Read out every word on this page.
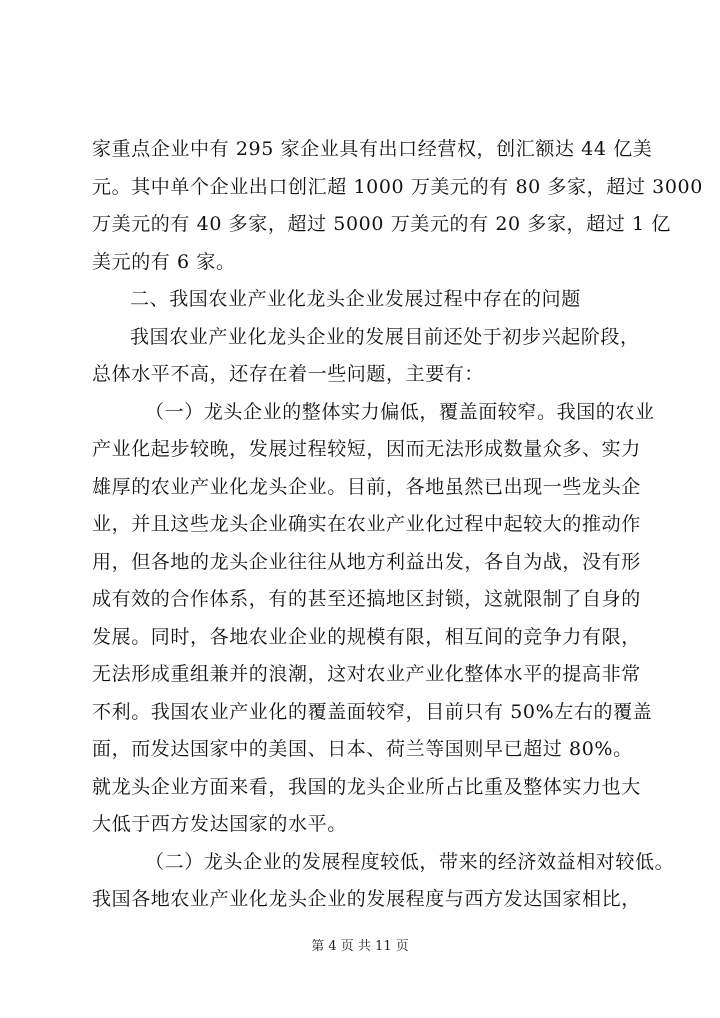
家重点企业中有 295 家企业具有出口经营权，创汇额达 44 亿美
元。其中单个企业出口创汇超 1000 万美元的有 80 多家，超过 3000
万美元的有 40 多家，超过 5000 万美元的有 20 多家，超过 1 亿
美元的有 6 家。
二、我国农业产业化龙头企业发展过程中存在的问题
我国农业产业化龙头企业的发展目前还处于初步兴起阶段，
总体水平不高，还存在着一些问题，主要有：
（一）龙头企业的整体实力偏低，覆盖面较窄。我国的农业
产业化起步较晚，发展过程较短，因而无法形成数量众多、实力
雄厚的农业产业化龙头企业。目前，各地虽然已出现一些龙头企
业，并且这些龙头企业确实在农业产业化过程中起较大的推动作
用，但各地的龙头企业往往从地方利益出发，各自为战，没有形
成有效的合作体系，有的甚至还搞地区封锁，这就限制了自身的
发展。同时，各地农业企业的规模有限，相互间的竞争力有限，
无法形成重组兼并的浪潮，这对农业产业化整体水平的提高非常
不利。我国农业产业化的覆盖面较窄，目前只有 50%左右的覆盖
面，而发达国家中的美国、日本、荷兰等国则早已超过 80%。
就龙头企业方面来看，我国的龙头企业所占比重及整体实力也大
大低于西方发达国家的水平。
（二）龙头企业的发展程度较低，带来的经济效益相对较低。
我国各地农业产业化龙头企业的发展程度与西方发达国家相比，
第 4 页 共 11 页
